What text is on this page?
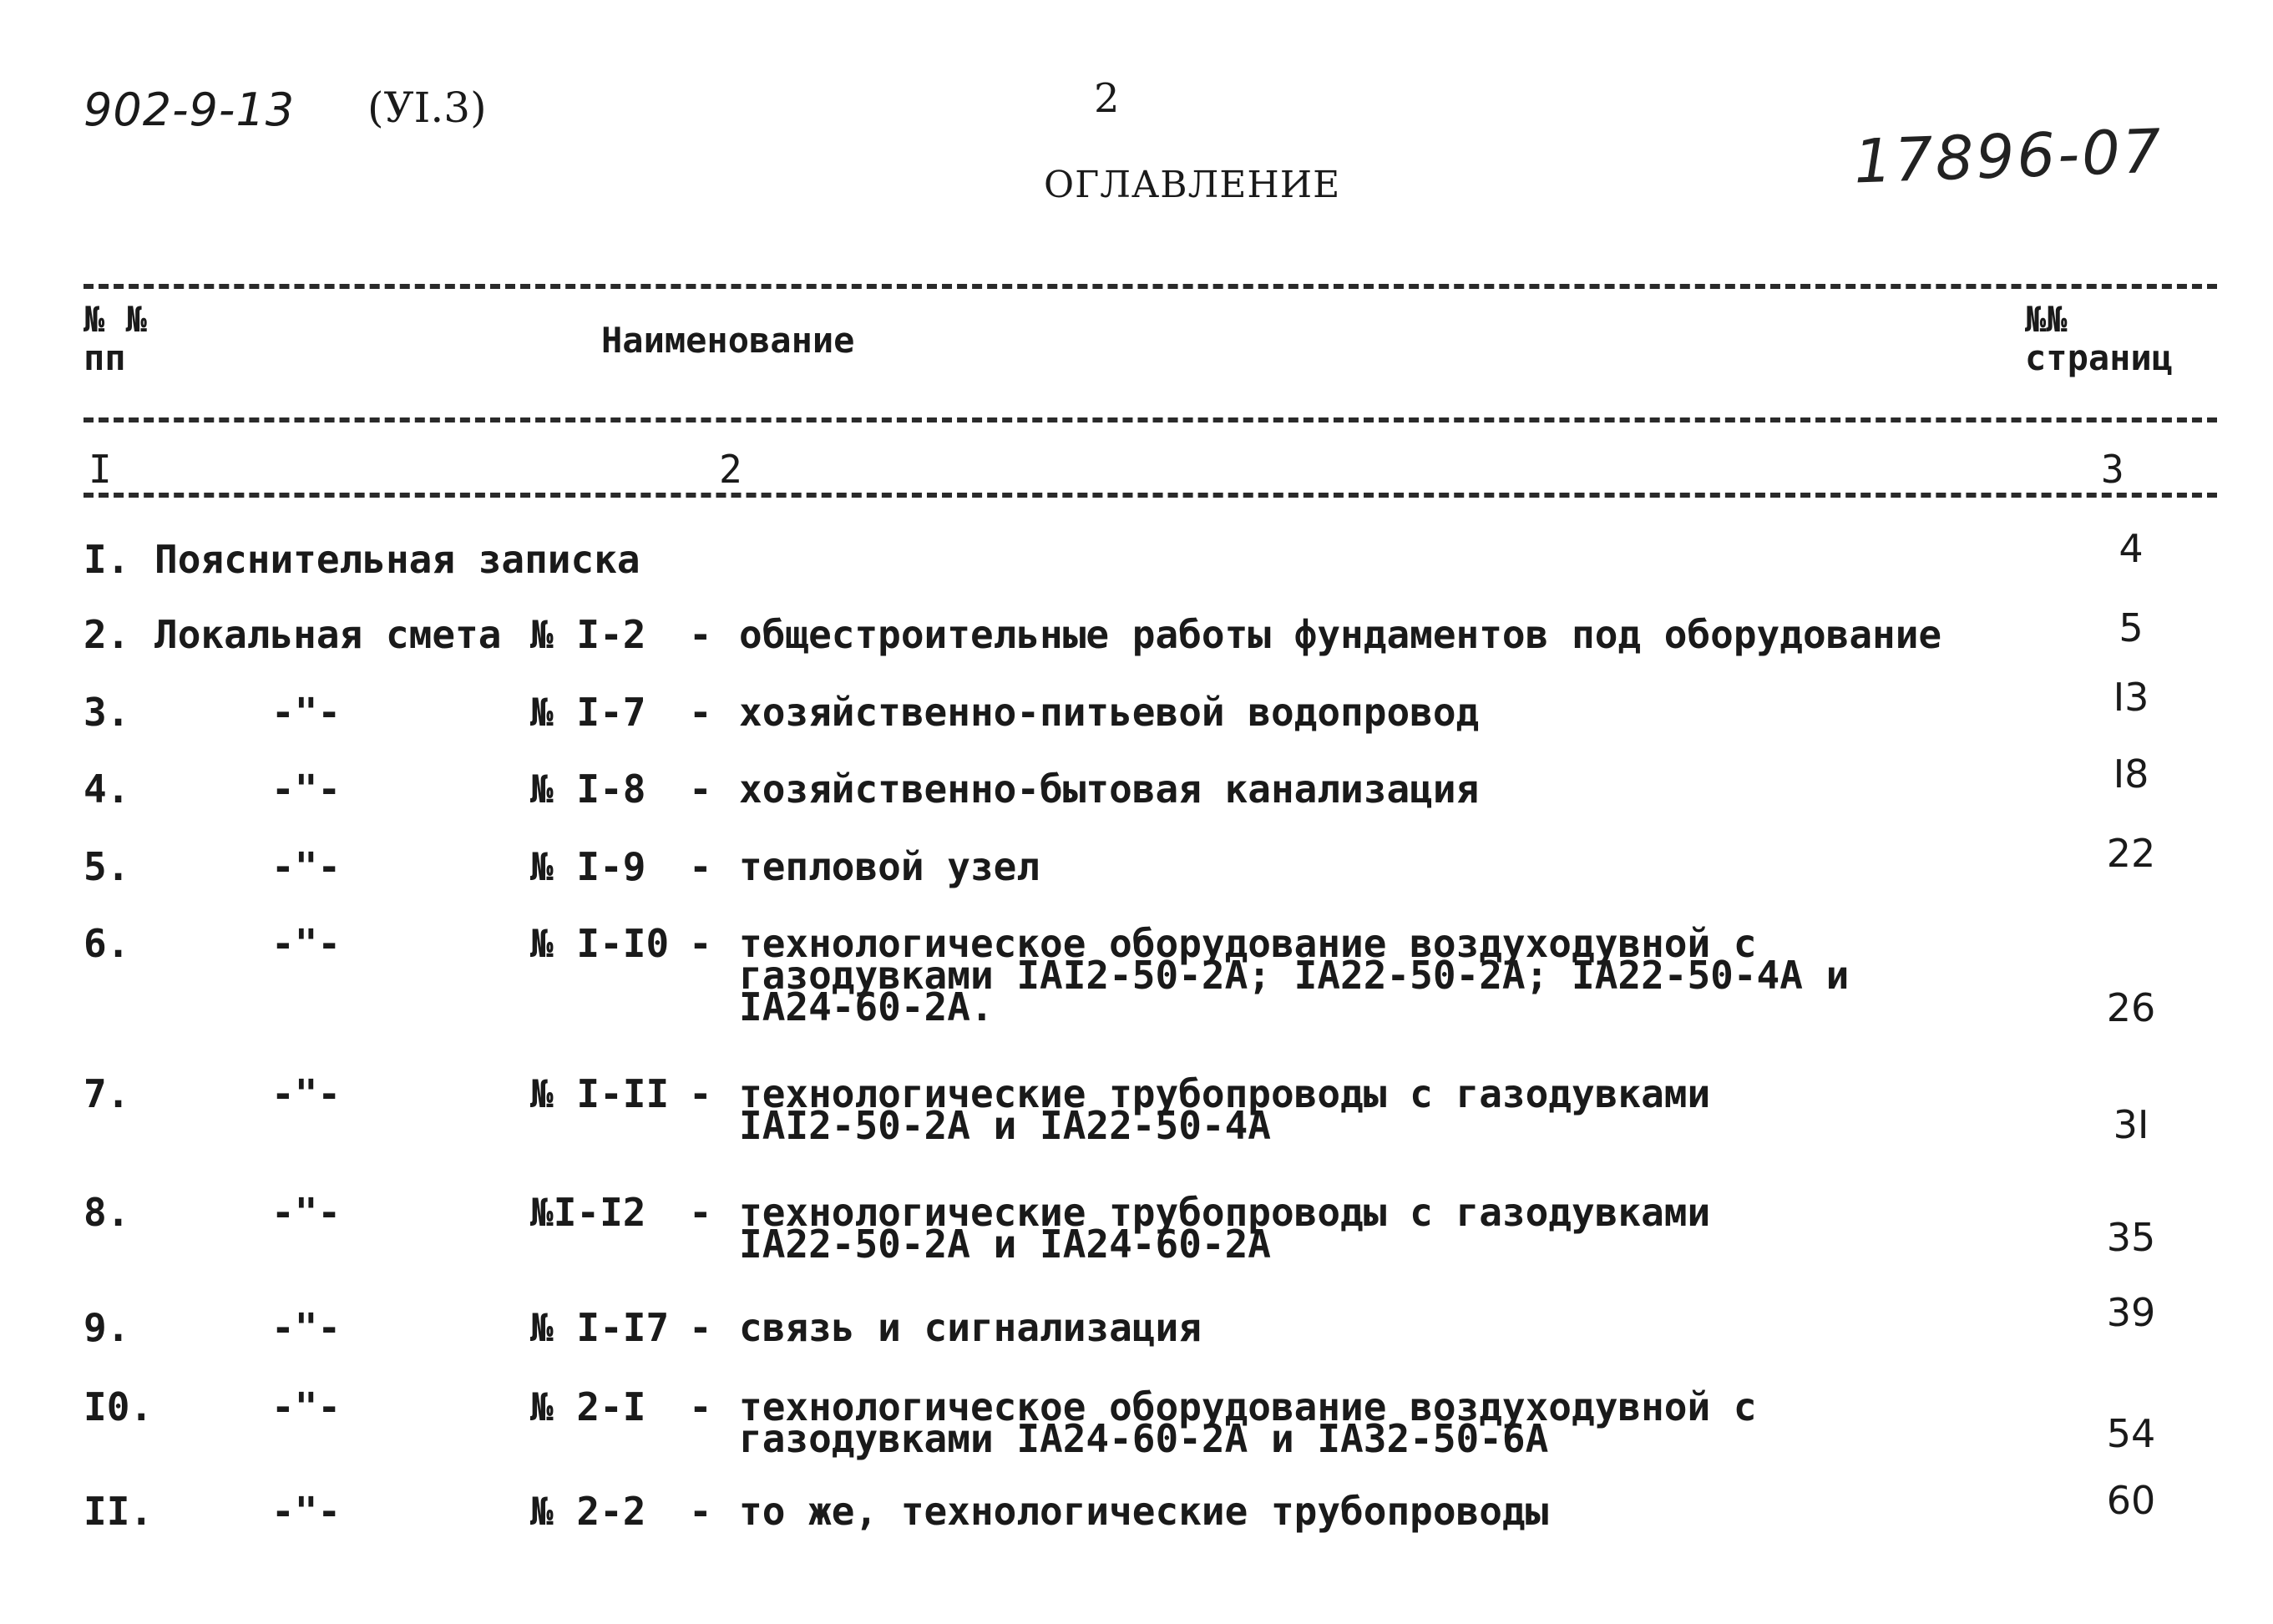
902-9-13 (УI.3)	2
17896-07
ОГЛАВЛЕНИЕ
№ №
пп	Наименование
№№
страниц
I	2	3
I. Пояснительная записка	4
2. Локальная смета № I-2 - общестроительные работы фундаментов под оборудование	5
3.	-"-	№ I-7 - хозяйственно-питьевой водопровод	I3
4.	-"-	№ I-8 - хозяйственно-бытовая канализация	I8
5.	-"-	№ I-9 - тепловой узел	22
6.	-"-	№ I-I0 - технологическое оборудование воздуходувной с
газодувками IAI2-50-2A; IA22-50-2A; IA22-50-4A и
IA24-60-2A.	26
7.	-"-	№ I-II - технологические трубопроводы с газодувками
IAI2-50-2A и IA22-50-4A	3I
8.	-"-	№I-I2 - технологические трубопроводы с газодувками
IA22-50-2A и IA24-60-2A	35
9.	-"-	№ I-I7 - связь и сигнализация	39
I0.	-"-	№ 2-I - технологическое оборудование воздуходувной с
газодувками IA24-60-2A и IA32-50-6A	54
II.	-"-	№ 2-2 - то же, технологические трубопроводы	60
